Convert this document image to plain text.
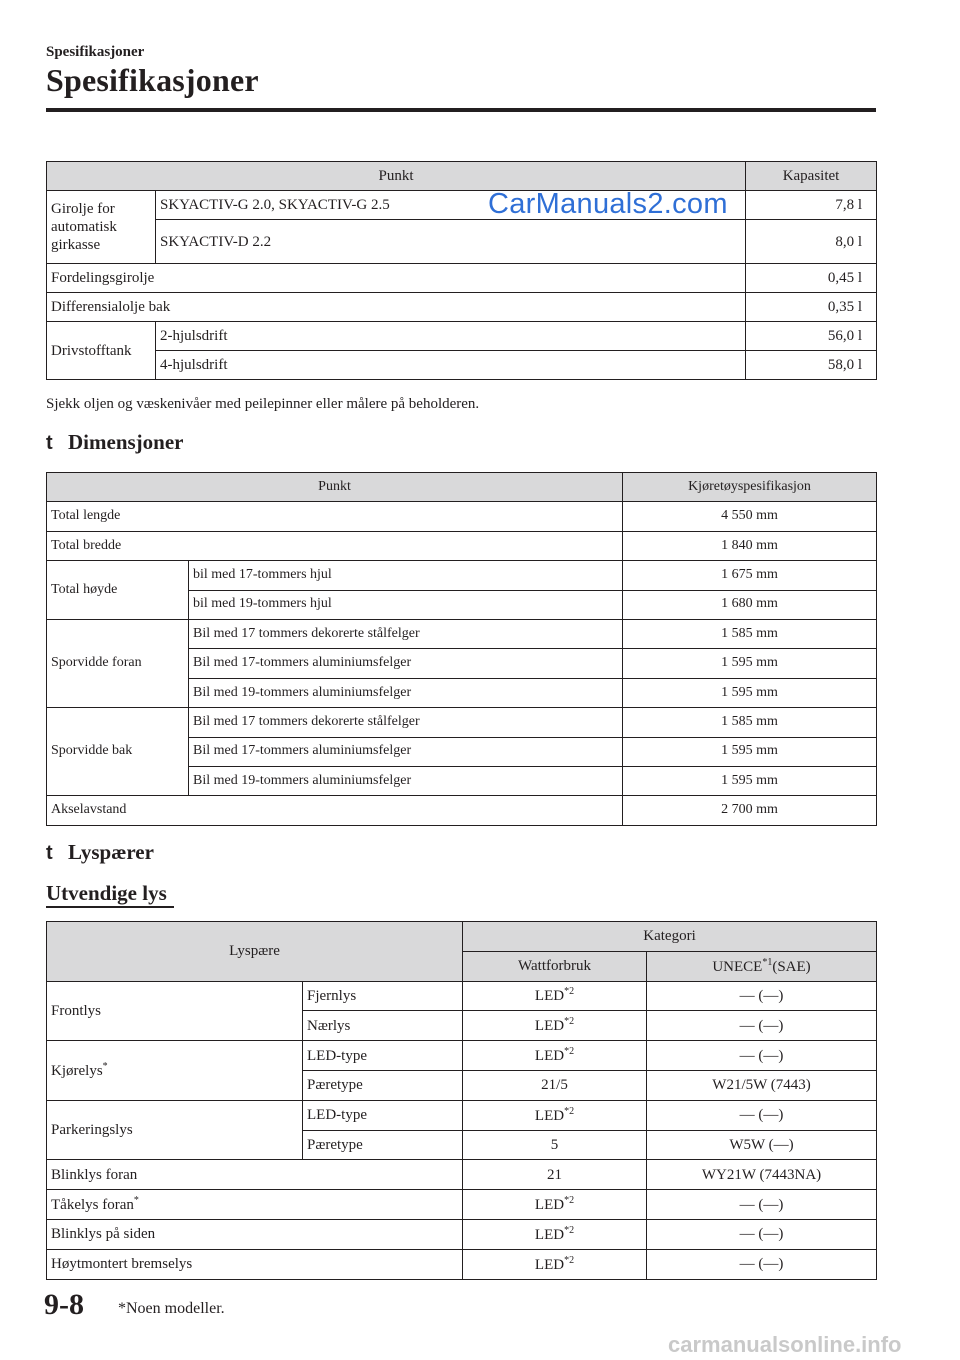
Spesifikasjoner
Spesifikasjoner
Punkt		Kapasitet
Girolje for automatisk girkasse	SKYACTIV-G 2.0, SKYACTIV-G 2.5	7,8 l
	SKYACTIV-D 2.2	8,0 l
Fordelingsgirolje		0,45 l
Differensialolje bak		0,35 l
Drivstofftank	2-hjulsdrift	56,0 l
	4-hjulsdrift	58,0 l
CarManuals2.com
Sjekk oljen og væskenivåer med peilepinner eller målere på beholderen.
t Dimensjoner
Punkt		Kjøretøyspesifikasjon
Total lengde		4 550 mm
Total bredde		1 840 mm
Total høyde	bil med 17-tommers hjul	1 675 mm
	bil med 19-tommers hjul	1 680 mm
Sporvidde foran	Bil med 17 tommers dekorerte stålfelger	1 585 mm
	Bil med 17-tommers aluminiumsfelger	1 595 mm
	Bil med 19-tommers aluminiumsfelger	1 595 mm
Sporvidde bak	Bil med 17 tommers dekorerte stålfelger	1 585 mm
	Bil med 17-tommers aluminiumsfelger	1 595 mm
	Bil med 19-tommers aluminiumsfelger	1 595 mm
Akselavstand		2 700 mm
t Lyspærer
Utvendige lys
Lyspære		Kategori	
		Wattforbruk	UNECE$^{*1}$(SAE)
Frontlys	Fjernlys	LED$^{*2}$	— (—)
	Nærlys	LED$^{*2}$	— (—)
Kjørelys*	LED-type	LED$^{*2}$	— (—)
	Pæretype	21/5	W21/5W (7443)
Parkeringslys	LED-type	LED$^{*2}$	— (—)
	Pæretype	5	W5W (—)
Blinklys foran		21	WY21W (7443NA)
Tåkelys foran*		LED$^{*2}$	— (—)
Blinklys på siden		LED$^{*2}$	— (—)
Høytmontert bremselys		LED$^{*2}$	— (—)
9-8 *Noen modeller.
carmanualsonline.info
